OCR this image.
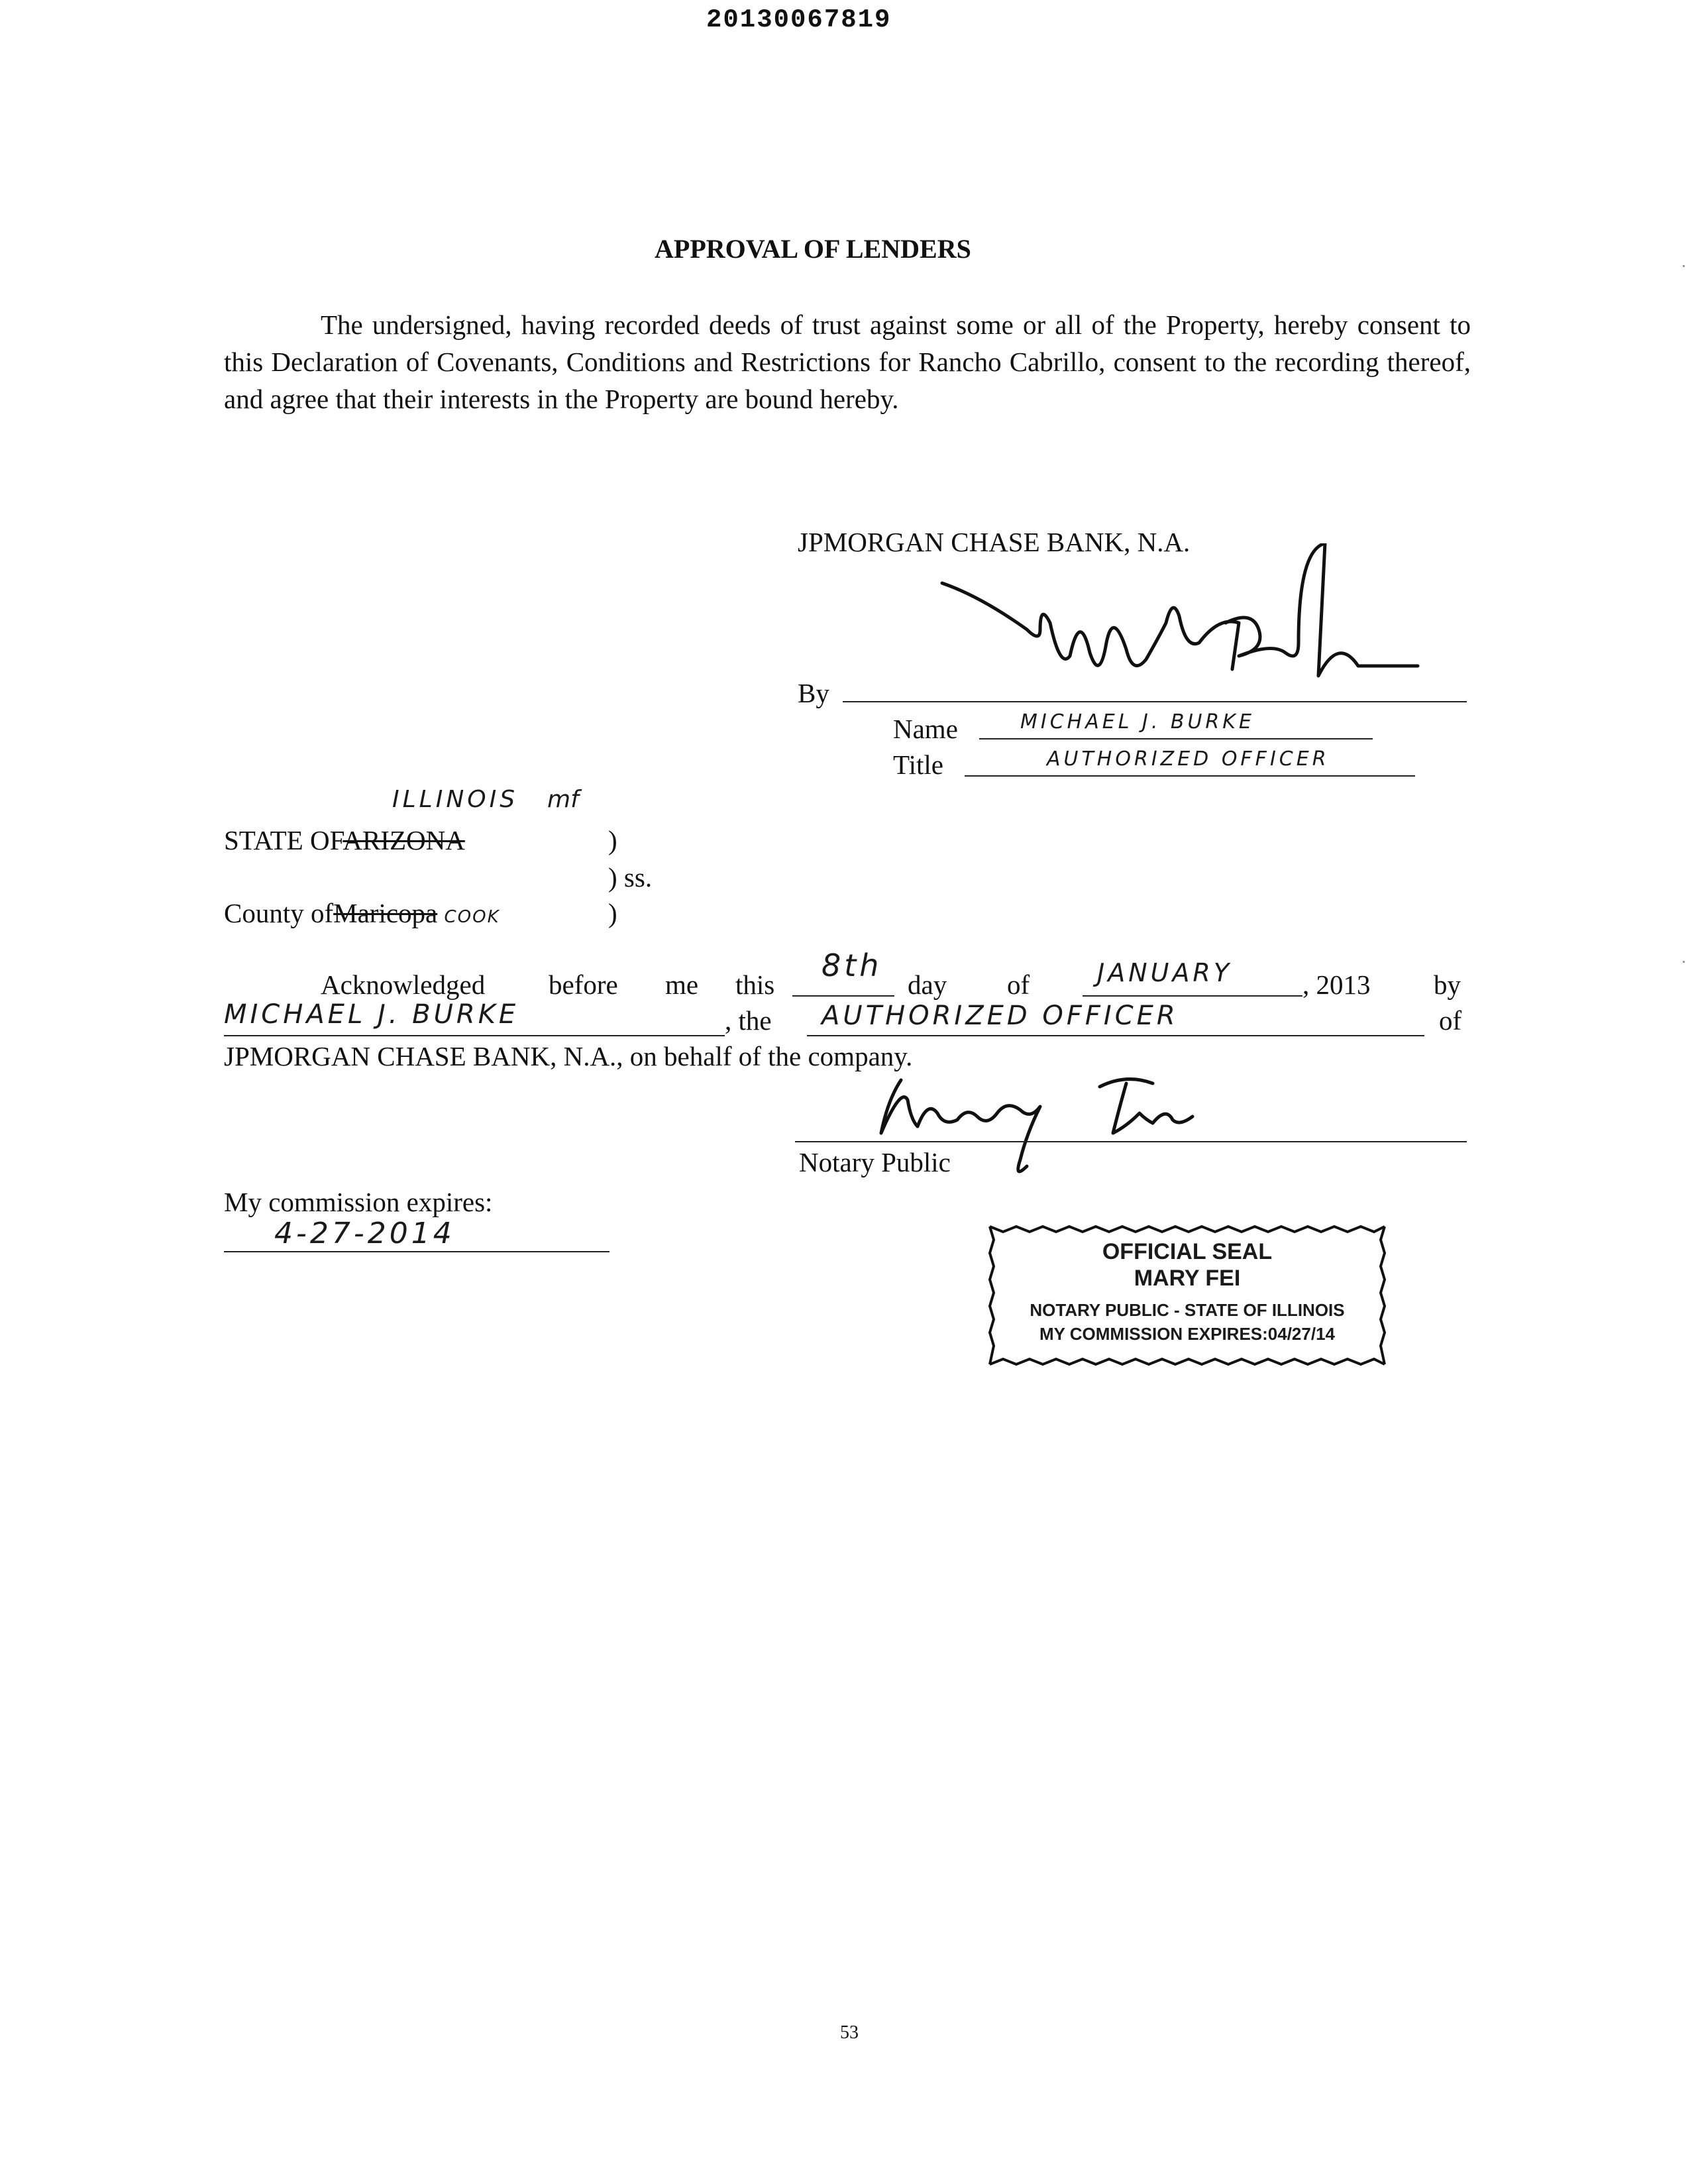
20130067819
APPROVAL OF LENDERS
The undersigned, having recorded deeds of trust against some or all of the Property, hereby consent to this Declaration of Covenants, Conditions and Restrictions for Rancho Cabrillo, consent to the recording thereof, and agree that their interests in the Property are bound hereby.
JPMORGAN CHASE BANK, N.A.
By
Name	MICHAEL J. BURKE
Title	AUTHORIZED OFFICER
ILLINOIS mf
STATE OFARIZONA	)
) ss.
County ofMaricopa COOK	)
Acknowledged before me this
8th
day of	JANUARY	, 2013 by
MICHAEL J. BURKE	, the AUTHORIZED OFFICER	of
JPMORGAN CHASE BANK, N.A., on behalf of the company.
Notary Public
My commission expires:
4-27-2014
OFFICIAL SEAL
MARY FEI
NOTARY PUBLIC - STATE OF ILLINOIS
MY COMMISSION EXPIRES:04/27/14
53
